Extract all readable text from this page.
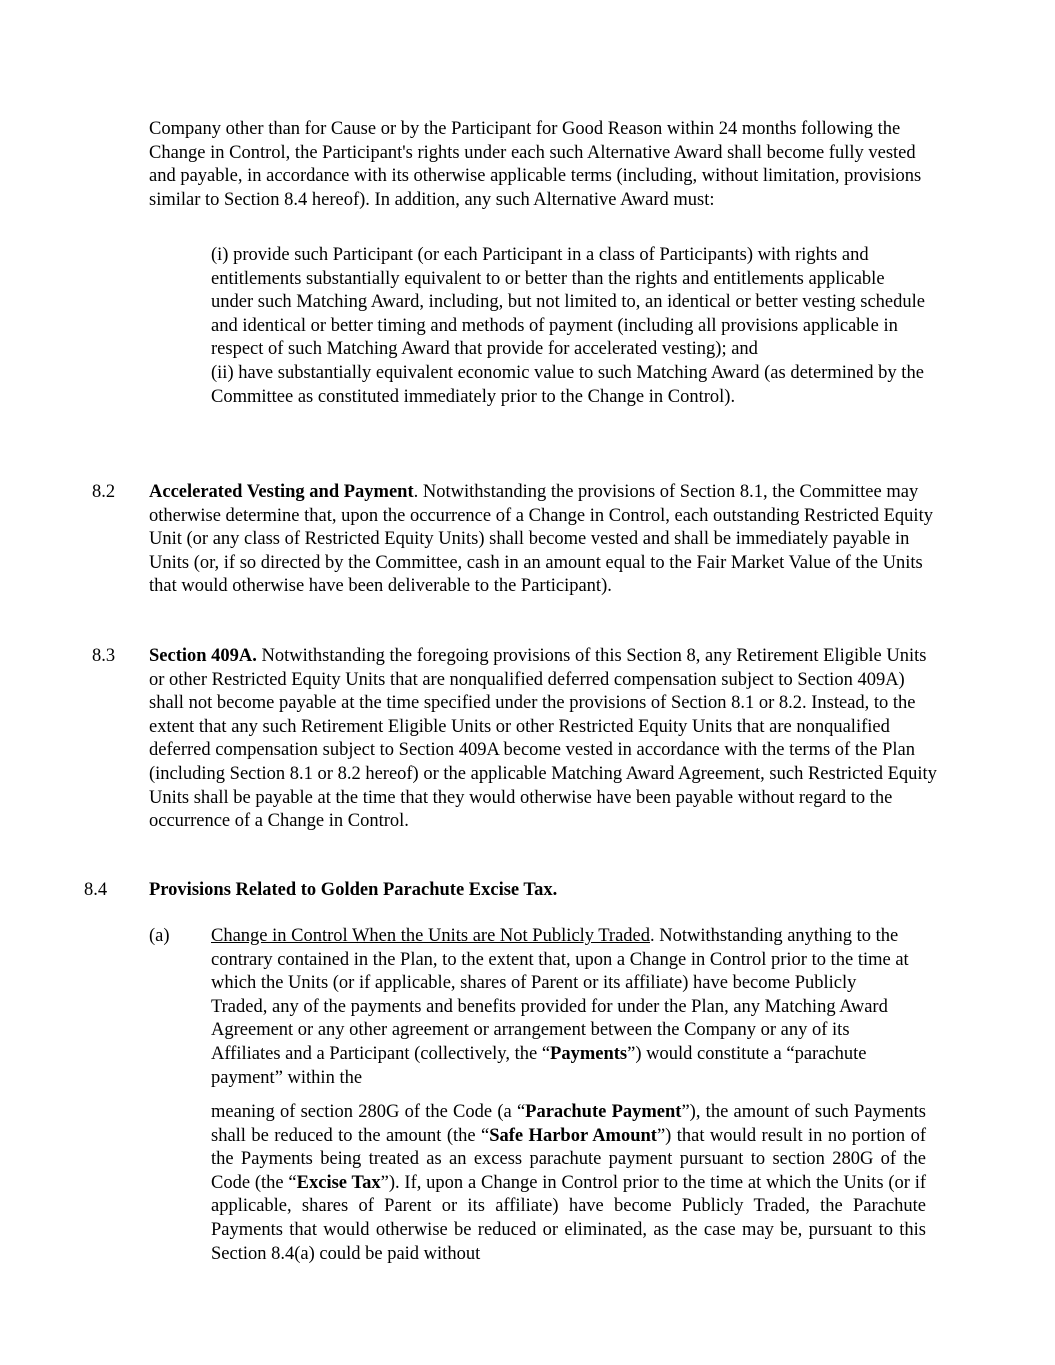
Company other than for Cause or by the Participant for Good Reason within 24 months following the Change in Control, the Participant's rights under each such Alternative Award shall become fully vested and payable, in accordance with its otherwise applicable terms (including, without limitation, provisions similar to Section 8.4 hereof). In addition, any such Alternative Award must:
(i) provide such Participant (or each Participant in a class of Participants) with rights and entitlements substantially equivalent to or better than the rights and entitlements applicable under such Matching Award, including, but not limited to, an identical or better vesting schedule and identical or better timing and methods of payment (including all provisions applicable in respect of such Matching Award that provide for accelerated vesting); and
(ii) have substantially equivalent economic value to such Matching Award (as determined by the Committee as constituted immediately prior to the Change in Control).
8.2 Accelerated Vesting and Payment. Notwithstanding the provisions of Section 8.1, the Committee may otherwise determine that, upon the occurrence of a Change in Control, each outstanding Restricted Equity Unit (or any class of Restricted Equity Units) shall become vested and shall be immediately payable in Units (or, if so directed by the Committee, cash in an amount equal to the Fair Market Value of the Units that would otherwise have been deliverable to the Participant).
8.3 Section 409A. Notwithstanding the foregoing provisions of this Section 8, any Retirement Eligible Units or other Restricted Equity Units that are nonqualified deferred compensation subject to Section 409A) shall not become payable at the time specified under the provisions of Section 8.1 or 8.2. Instead, to the extent that any such Retirement Eligible Units or other Restricted Equity Units that are nonqualified deferred compensation subject to Section 409A become vested in accordance with the terms of the Plan (including Section 8.1 or 8.2 hereof) or the applicable Matching Award Agreement, such Restricted Equity Units shall be payable at the time that they would otherwise have been payable without regard to the occurrence of a Change in Control.
8.4 Provisions Related to Golden Parachute Excise Tax.
(a) Change in Control When the Units are Not Publicly Traded. Notwithstanding anything to the contrary contained in the Plan, to the extent that, upon a Change in Control prior to the time at which the Units (or if applicable, shares of Parent or its affiliate) have become Publicly Traded, any of the payments and benefits provided for under the Plan, any Matching Award Agreement or any other agreement or arrangement between the Company or any of its Affiliates and a Participant (collectively, the “Payments”) would constitute a “parachute payment” within the
meaning of section 280G of the Code (a “Parachute Payment”), the amount of such Payments shall be reduced to the amount (the “Safe Harbor Amount”) that would result in no portion of the Payments being treated as an excess parachute payment pursuant to section 280G of the Code (the “Excise Tax”). If, upon a Change in Control prior to the time at which the Units (or if applicable, shares of Parent or its affiliate) have become Publicly Traded, the Parachute Payments that would otherwise be reduced or eliminated, as the case may be, pursuant to this Section 8.4(a) could be paid without
